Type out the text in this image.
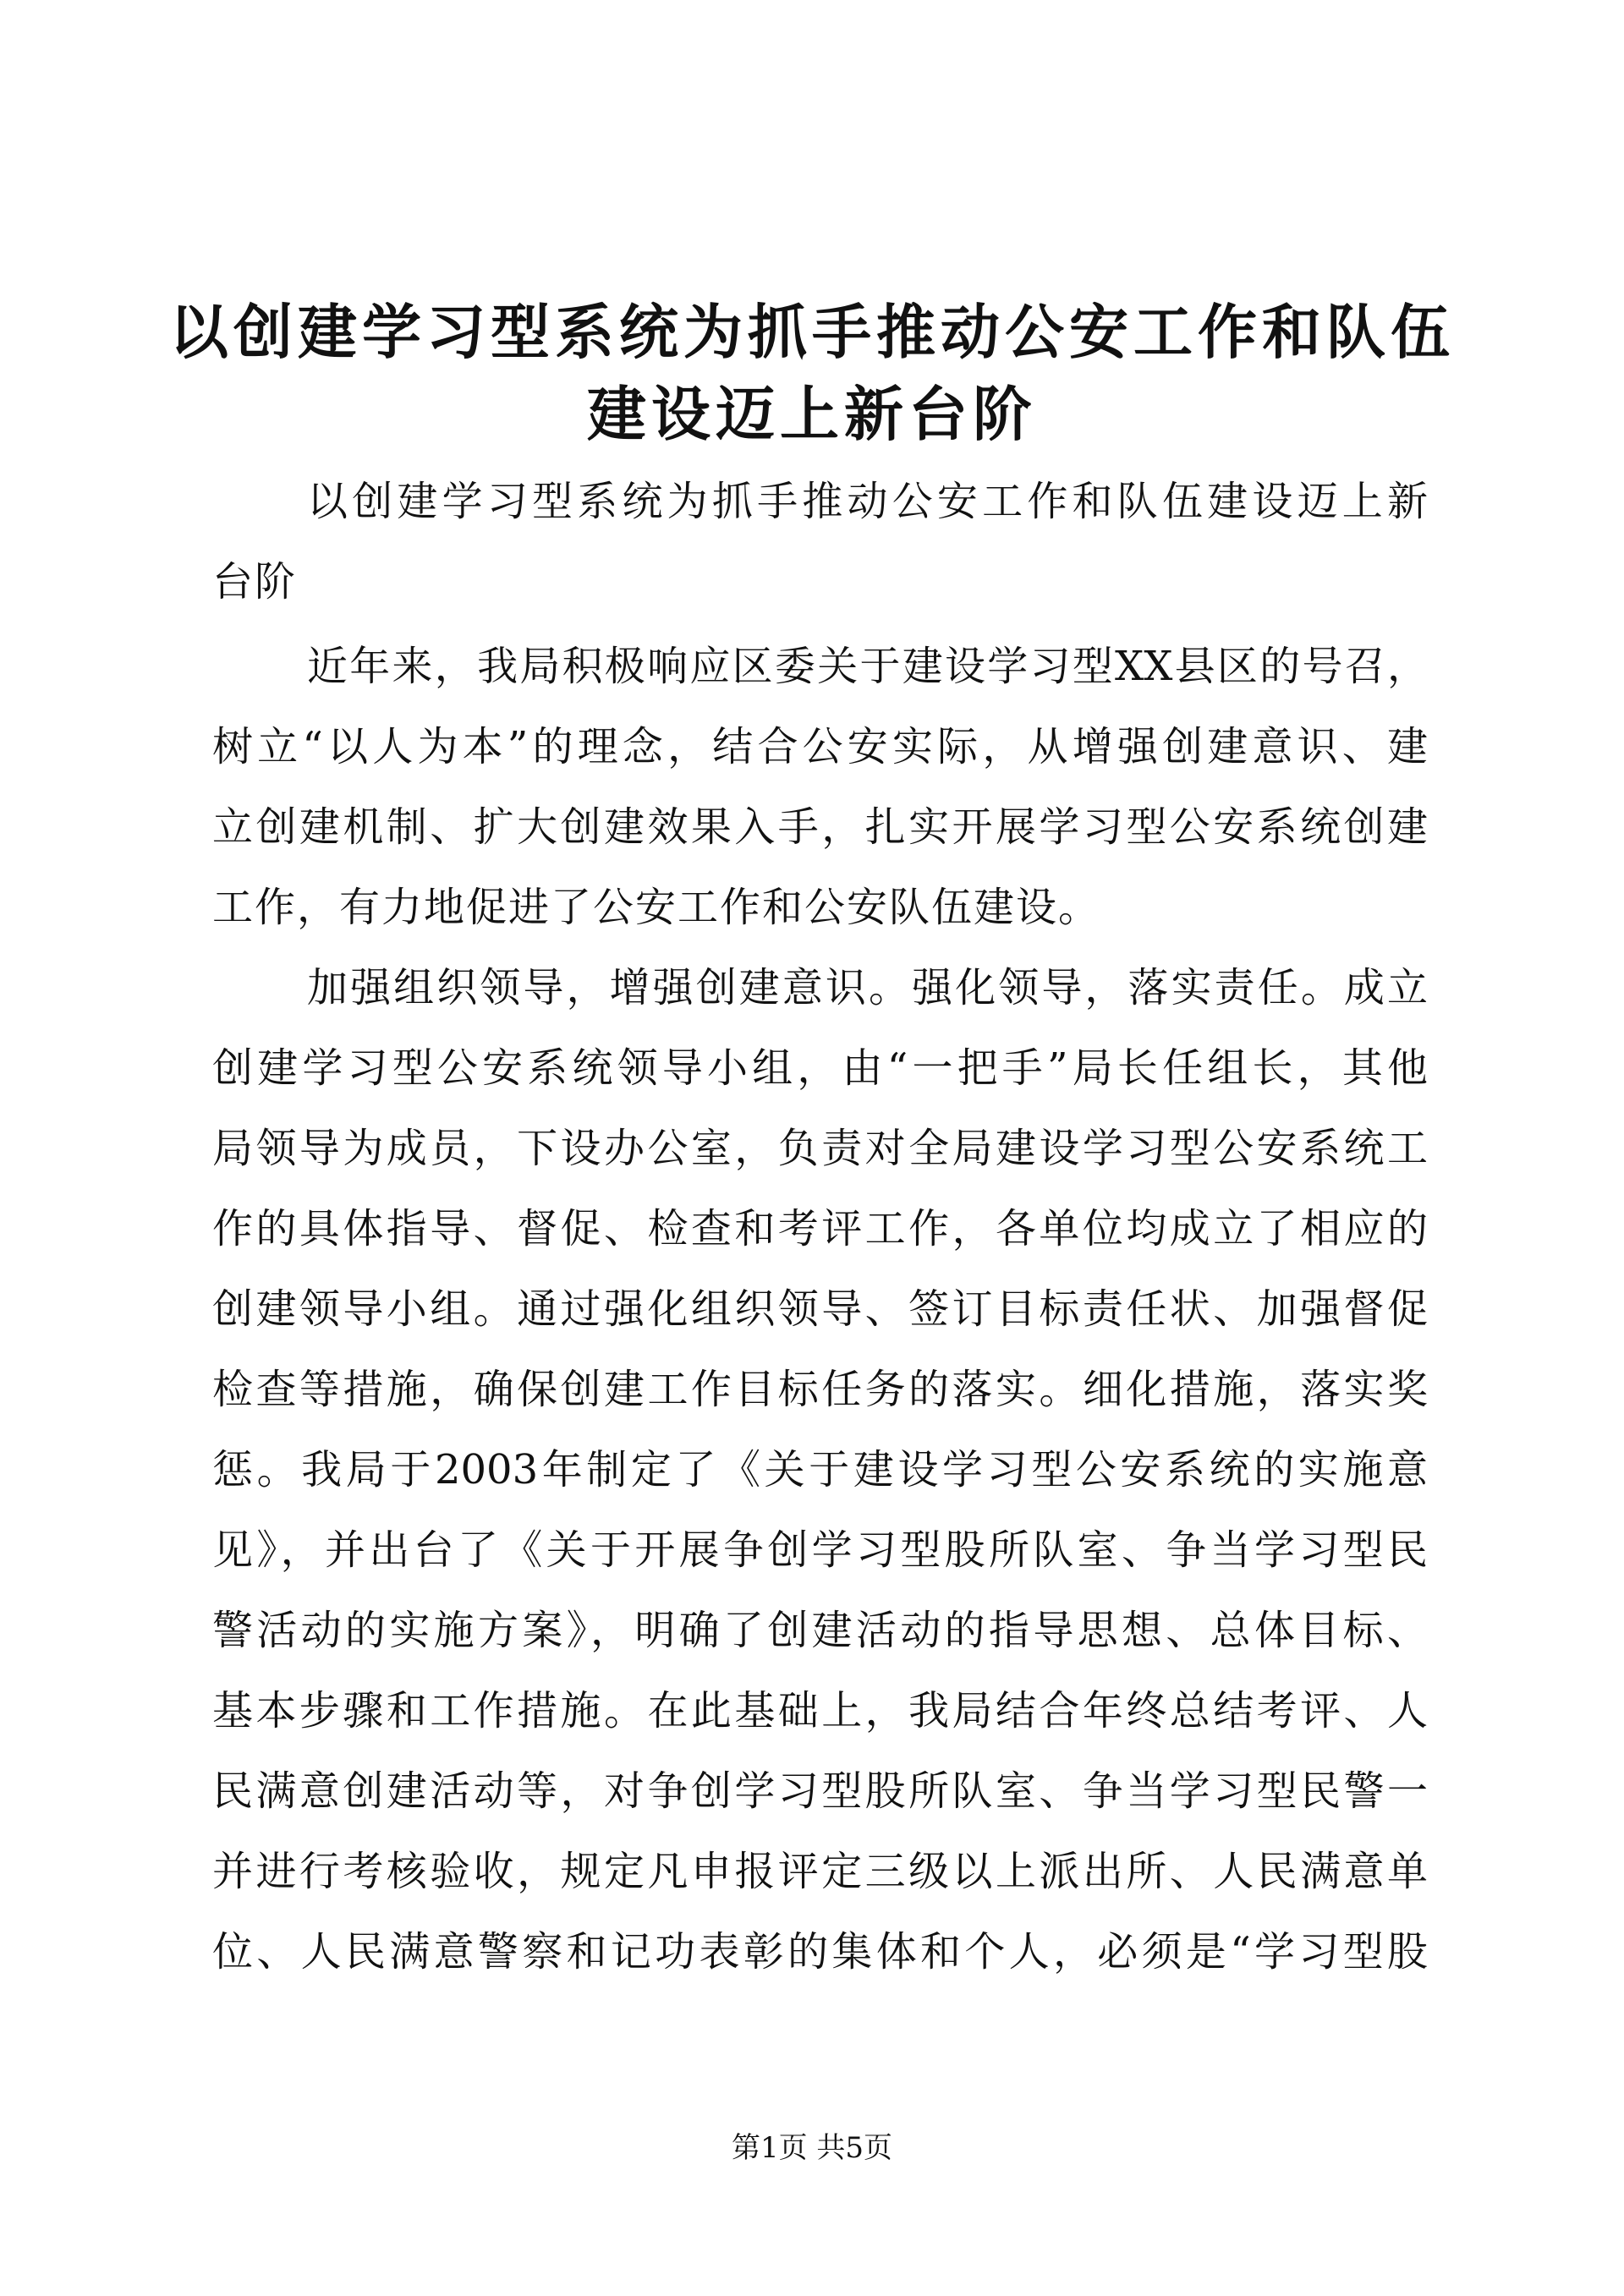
以创建学习型系统为抓手推动公安工作和队伍
建设迈上新台阶
以创建学习型系统为抓手推动公安工作和队伍建设迈上新
台阶
近年来，我局积极响应区委关于建设学习型XX县区的号召，
树立“以人为本”的理念，结合公安实际，从增强创建意识、建
立创建机制、扩大创建效果入手，扎实开展学习型公安系统创建
工作，有力地促进了公安工作和公安队伍建设。
加强组织领导，增强创建意识。强化领导，落实责任。成立
创建学习型公安系统领导小组，由“一把手”局长任组长，其他
局领导为成员，下设办公室，负责对全局建设学习型公安系统工
作的具体指导、督促、检查和考评工作，各单位均成立了相应的
创建领导小组。通过强化组织领导、签订目标责任状、加强督促
检查等措施，确保创建工作目标任务的落实。细化措施，落实奖
惩。我局于2003年制定了《关于建设学习型公安系统的实施意
见》，并出台了《关于开展争创学习型股所队室、争当学习型民
警活动的实施方案》，明确了创建活动的指导思想、总体目标、
基本步骤和工作措施。在此基础上，我局结合年终总结考评、人
民满意创建活动等，对争创学习型股所队室、争当学习型民警一
并进行考核验收，规定凡申报评定三级以上派出所、人民满意单
位、人民满意警察和记功表彰的集体和个人，必须是“学习型股
第1页 共5页
